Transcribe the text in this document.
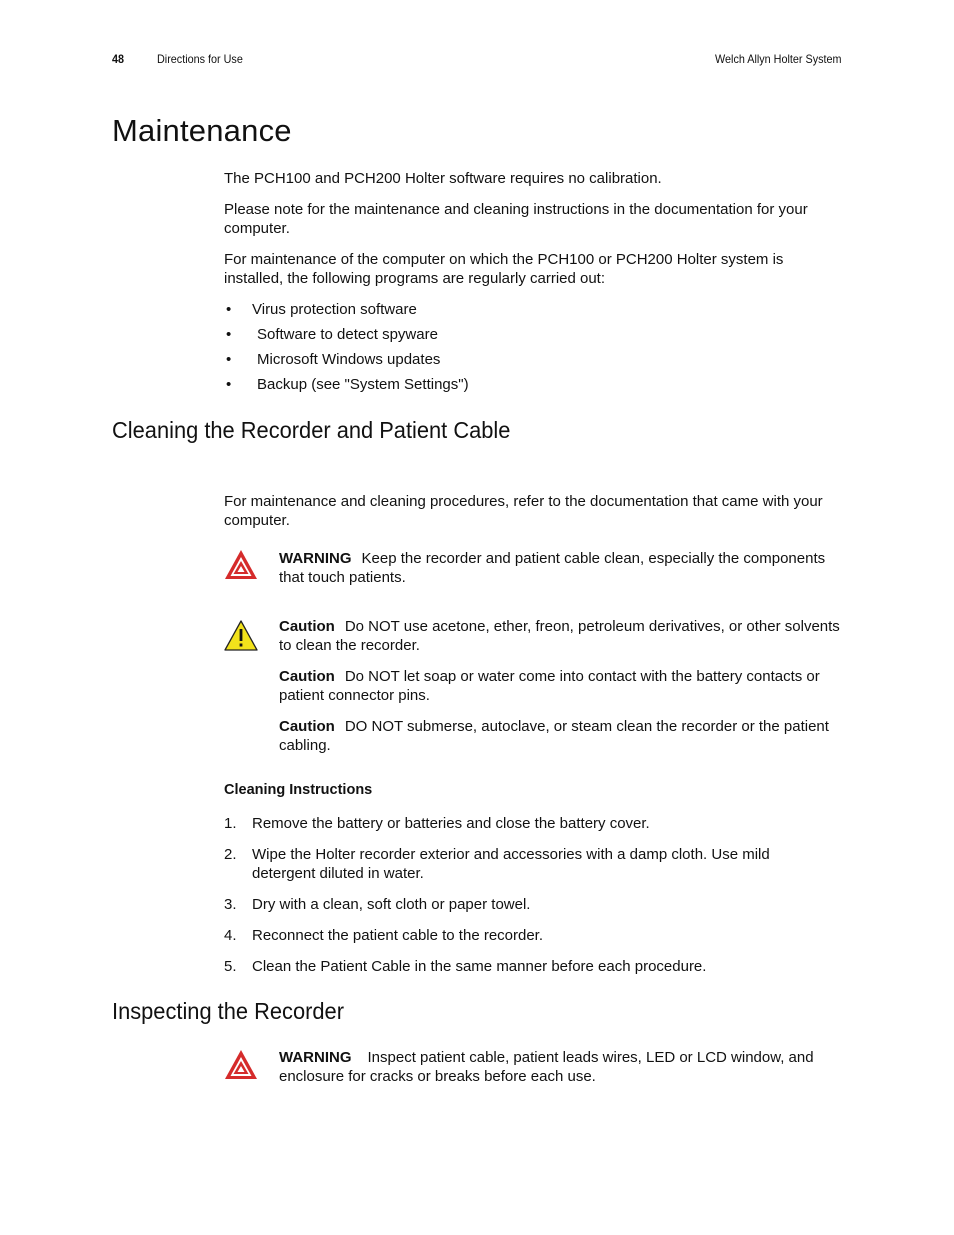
48	Directions for Use	Welch Allyn Holter System
Maintenance

The PCH100 and PCH200 Holter software requires no calibration.

Please note for the maintenance and cleaning instructions in the documentation for your computer.

For maintenance of the computer on which the PCH100 or PCH200 Holter system is installed, the following programs are regularly carried out:

• Virus protection software
• Software to detect spyware
• Microsoft Windows updates
• Backup (see "System Settings")
Cleaning the Recorder and Patient Cable

For maintenance and cleaning procedures, refer to the documentation that came with your computer.

WARNING Keep the recorder and patient cable clean, especially the components that touch patients.
Caution Do NOT use acetone, ether, freon, petroleum derivatives, or other solvents to clean the recorder.
Caution Do NOT let soap or water come into contact with the battery contacts or patient connector pins.
Caution DO NOT submerse, autoclave, or steam clean the recorder or the patient cabling.
Cleaning Instructions
1. Remove the battery or batteries and close the battery cover.
2. Wipe the Holter recorder exterior and accessories with a damp cloth. Use mild detergent diluted in water.
3. Dry with a clean, soft cloth or paper towel.
4. Reconnect the patient cable to the recorder.
5. Clean the Patient Cable in the same manner before each procedure.
Inspecting the Recorder
WARNING Inspect patient cable, patient leads wires, LED or LCD window, and enclosure for cracks or breaks before each use.
